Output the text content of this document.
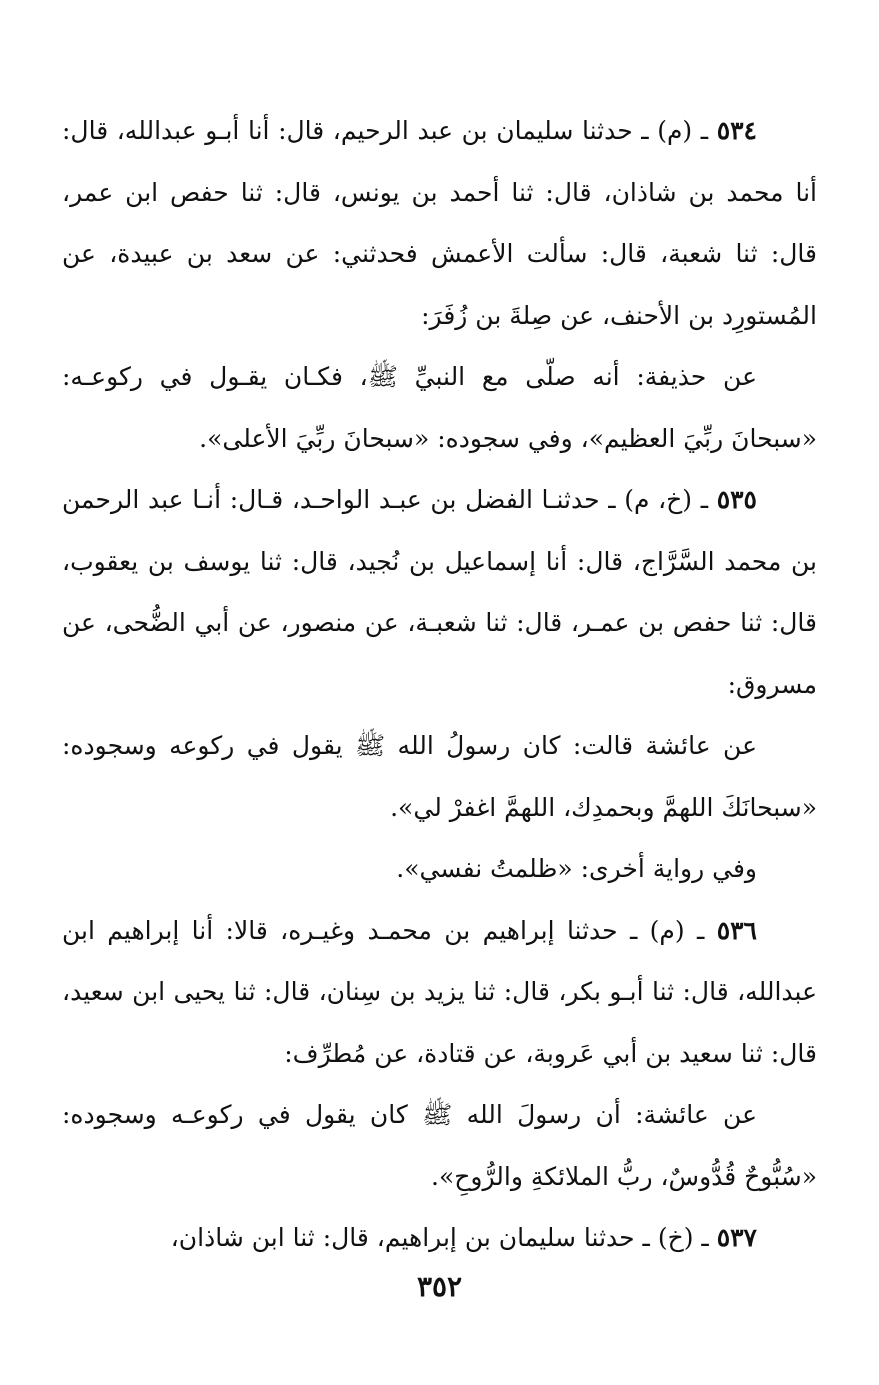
٥٣٤ ـ (م) ـ حدثنا سليمان بن عبد الرحيم، قال: أنا أبـو عبدالله، قال: أنا محمد بن شاذان، قال: ثنا أحمد بن يونس، قال: ثنا حفص ابن عمر، قال: ثنا شعبة، قال: سألت الأعمش فحدثني: عن سعد بن عبيدة، عن المُستورِد بن الأحنف، عن صِلةَ بن زُفَرَ:

عن حذيفة: أنه صلّى مع النبيِّ ﷺ، فكـان يقـول في ركوعـه: «سبحانَ ربِّيَ العظيم»، وفي سجوده: «سبحانَ ربِّيَ الأعلى».

٥٣٥ ـ (خ، م) ـ حدثنـا الفضل بن عبـد الواحـد، قـال: أنـا عبد الرحمن بن محمد السَّرَّاج، قال: أنا إسماعيل بن نُجيد، قال: ثنا يوسف بن يعقوب، قال: ثنا حفص بن عمـر، قال: ثنا شعبـة، عن منصور، عن أبي الضُّحى، عن مسروق:

عن عائشة قالت: كان رسولُ الله ﷺ يقول في ركوعه وسجوده: «سبحانَكَ اللهمَّ وبحمدِك، اللهمَّ اغفرْ لي».

وفي رواية أخرى: «ظلمتُ نفسي».

٥٣٦ ـ (م) ـ حدثنا إبراهيم بن محمـد وغيـره، قالا: أنا إبراهيم ابن عبدالله، قال: ثنا أبـو بكر، قال: ثنا يزيد بن سِنان، قال: ثنا يحيى ابن سعيد، قال: ثنا سعيد بن أبي عَروبة، عن قتادة، عن مُطرِّف:

عن عائشة: أن رسولَ الله ﷺ كان يقول في ركوعـه وسجوده: «سُبُّوحٌ قُدُّوسٌ، ربُّ الملائكةِ والرُّوحِ».

٥٣٧ ـ (خ) ـ حدثنا سليمان بن إبراهيم، قال: ثنا ابن شاذان،

٣٥٢
